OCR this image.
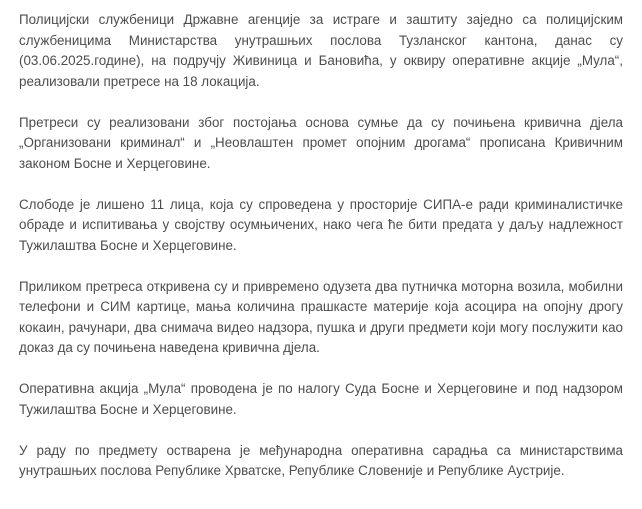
Полицијски службеници Државне агенције за истраге и заштиту заједно са полицијским службеницима Министарства унутрашњих послова Тузланског кантона, данас су (03.06.2025.године), на подручју Живиница и Бановића, у оквиру оперативне акције „Мула“, реализовали претресе на 18 локација.

Претреси су реализовани због постојања основа сумње да су почињена кривична дјела „Организовани криминал“ и „Неовлаштен промет опојним дрогама“ прописана Кривичним законом Босне и Херцеговине.

Слободе је лишено 11 лица, која су спроведена у просторије СИПА-е ради криминалистичке обраде и испитивања у својству осумњичених, нако чега ће бити предата у даљу надлежност Тужилаштва Босне и Херцеговине.

Приликом претреса откривена су и привремено одузета два путничка моторна возила, мобилни телефони и СИМ картице, мања количина прашкасте материје која асоцира на опојну дрогу кокаин, рачунари, два снимача видео надзора, пушка и други предмети који могу послужити као доказ да су почињена наведена кривична дјела.

Оперативна акција „Мула“ проводена је по налогу Суда Босне и Херцеговине и под надзором Тужилаштва Босне и Херцеговине.

У раду по предмету остварена је међународна оперативна сарадња са министарствима унутрашњих послова Републике Хрватске, Републике Словеније и Републике Аустрије.
